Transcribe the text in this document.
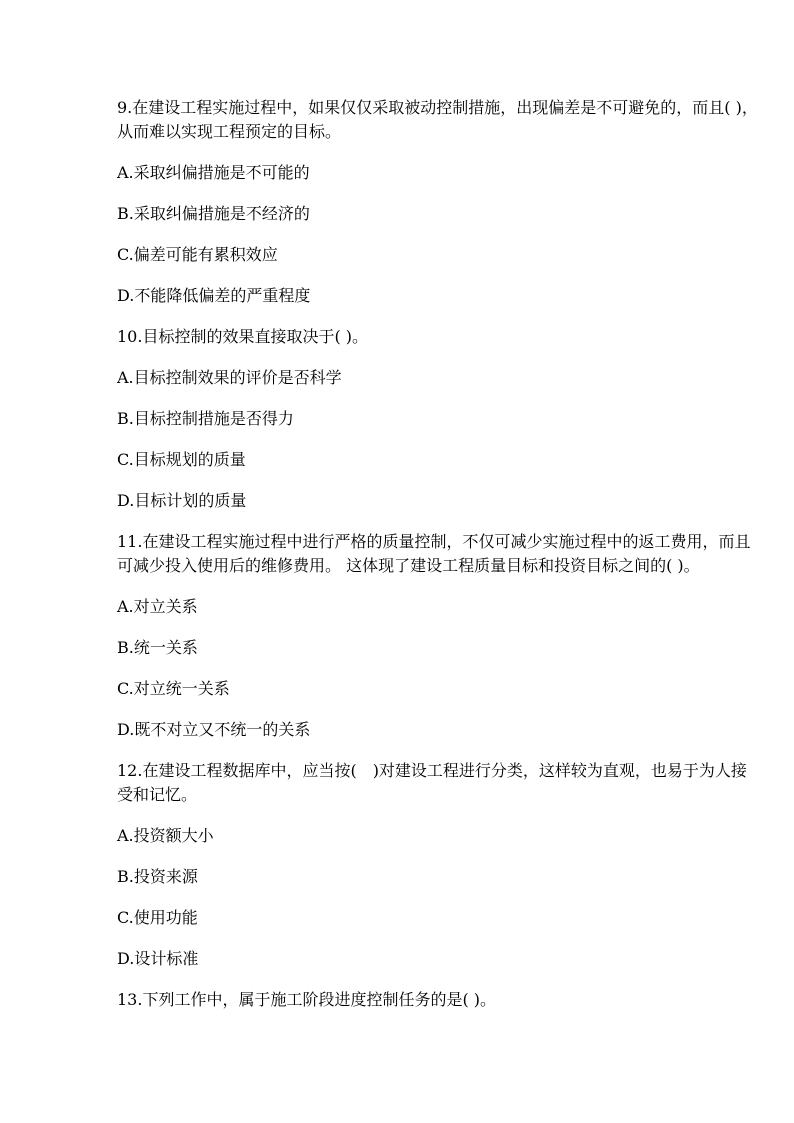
9.在建设工程实施过程中，如果仅仅采取被动控制措施，出现偏差是不可避免的，而且( )，
从而难以实现工程预定的目标。

A.采取纠偏措施是不可能的

B.采取纠偏措施是不经济的

C.偏差可能有累积效应

D.不能降低偏差的严重程度

10.目标控制的效果直接取决于( )。

A.目标控制效果的评价是否科学

B.目标控制措施是否得力

C.目标规划的质量

D.目标计划的质量

11.在建设工程实施过程中进行严格的质量控制，不仅可减少实施过程中的返工费用，而且
可减少投入使用后的维修费用。 这体现了建设工程质量目标和投资目标之间的( )。

A.对立关系

B.统一关系

C.对立统一关系

D.既不对立又不统一的关系

12.在建设工程数据库中，应当按(　)对建设工程进行分类，这样较为直观，也易于为人接
受和记忆。

A.投资额大小

B.投资来源

C.使用功能

D.设计标准

13.下列工作中，属于施工阶段进度控制任务的是( )。
